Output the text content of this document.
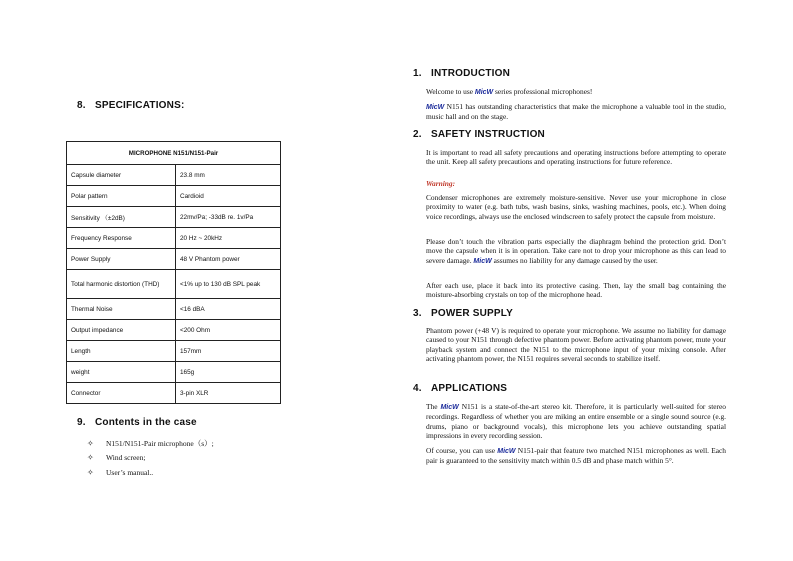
8. SPECIFICATIONS:
MICROPHONE N151/N151-Pair	
Capsule diameter	23.8 mm
Polar pattern	Cardioid
Sensitivity （±2dB)	22mv/Pa; -33dB re. 1v/Pa
Frequency Response	20 Hz ~ 20kHz
Power Supply	48 V Phantom power
Total harmonic distortion (THD)	<1% up to 130 dB SPL peak
Thermal Noise	<16 dBA
Output impedance	<200 Ohm
Length	157mm
weight	165g
Connector	3-pin XLR
9. Contents in the case
✧	N151/N151-Pair microphone（s）;
✧	Wind screen;
✧	User’s manual..
1. INTRODUCTION

Welcome to use MicW series professional microphones!

MicW N151 has outstanding characteristics that make the microphone a valuable tool in the studio, music hall and on the stage.

2. SAFETY INSTRUCTION

It is important to read all safety precautions and operating instructions before attempting to operate the unit. Keep all safety precautions and operating instructions for future reference.

Warning:

Condenser microphones are extremely moisture-sensitive. Never use your microphone in close proximity to water (e.g. bath tubs, wash basins, sinks, washing machines, pools, etc.). When doing voice recordings, always use the enclosed windscreen to safely protect the capsule from moisture.

Please don’t touch the vibration parts especially the diaphragm behind the protection grid. Don’t move the capsule when it is in operation. Take care not to drop your microphone as this can lead to severe damage. MicW assumes no liability for any damage caused by the user.

After each use, place it back into its protective casing. Then, lay the small bag containing the moisture-absorbing crystals on top of the microphone head.

3. POWER SUPPLY

Phantom power (+48 V) is required to operate your microphone. We assume no liability for damage caused to your N151 through defective phantom power. Before activating phantom power, mute your playback system and connect the N151 to the microphone input of your mixing console. After activating phantom power, the N151 requires several seconds to stabilize itself.

4. APPLICATIONS

The MicW N151 is a state-of-the-art stereo kit. Therefore, it is particularly well-suited for stereo recordings. Regardless of whether you are miking an entire ensemble or a single sound source (e.g. drums, piano or background vocals), this microphone lets you achieve outstanding spatial impressions in every recording session.

Of course, you can use MicW N151-pair that feature two matched N151 microphones as well. Each pair is guaranteed to the sensitivity match within 0.5 dB and phase match within 5°.
